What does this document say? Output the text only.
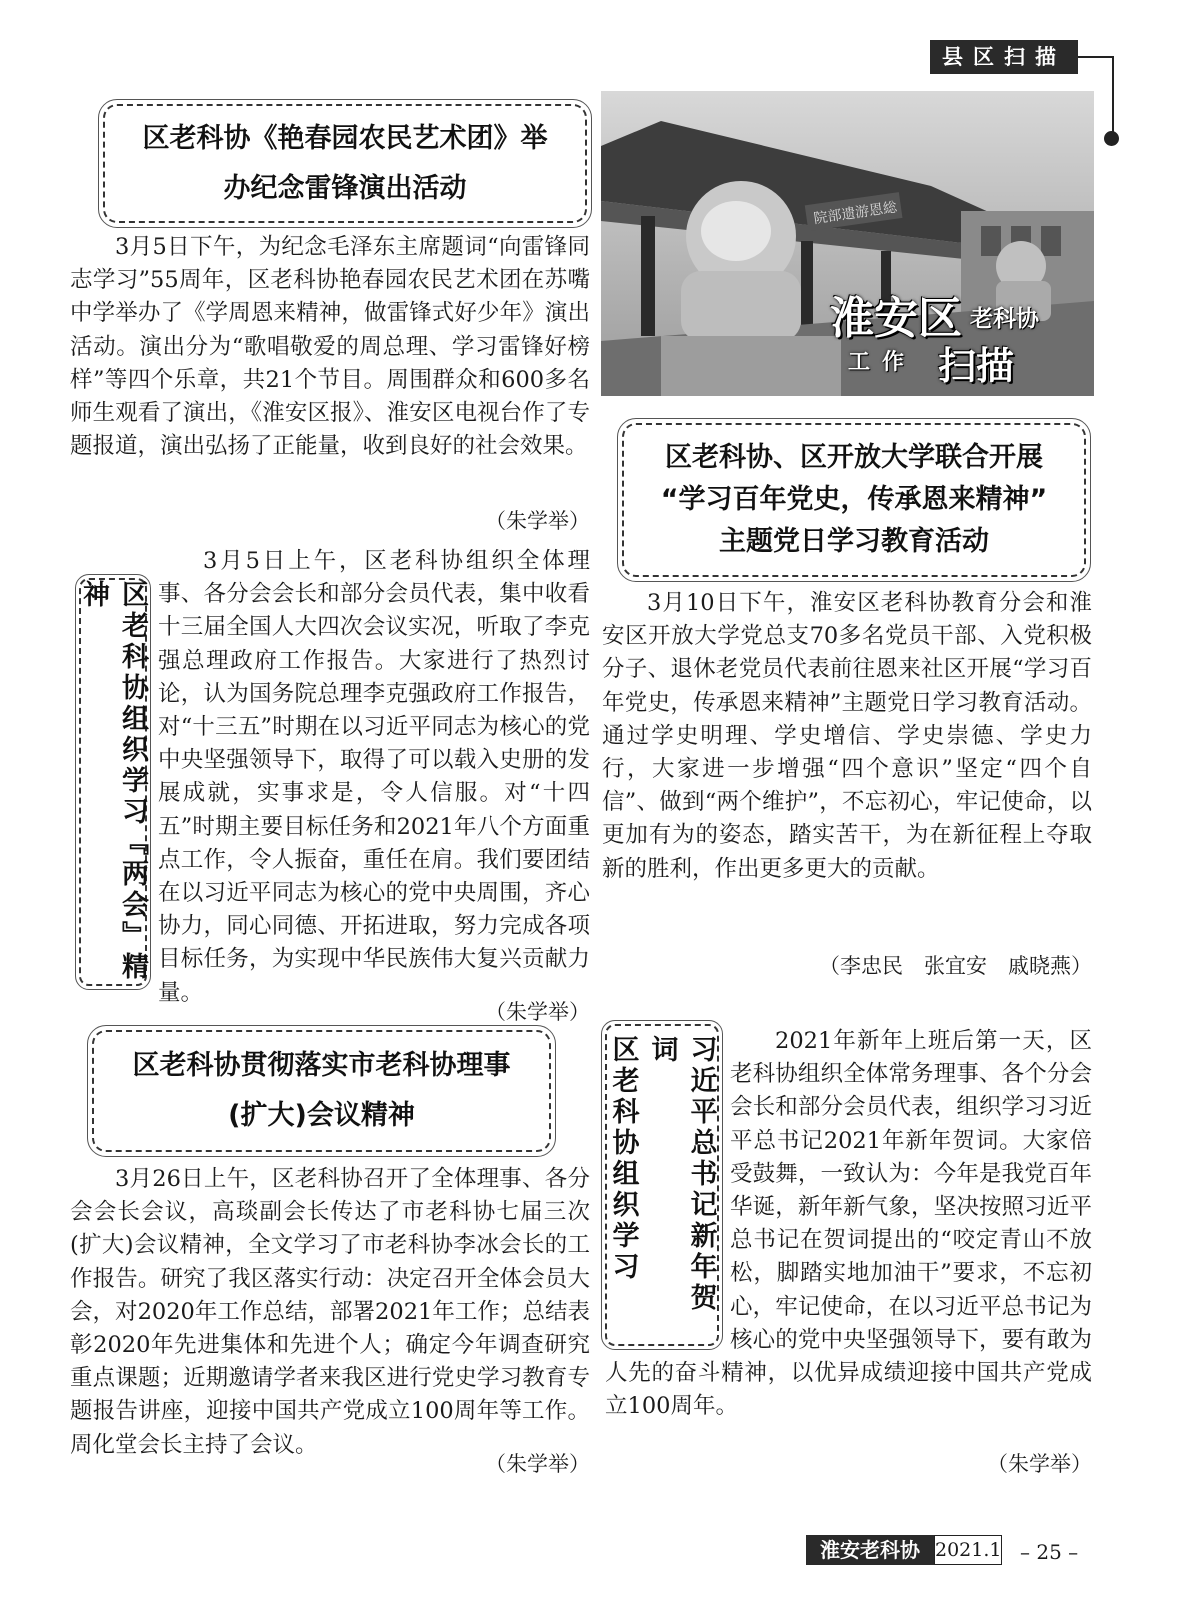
县区扫描
区老科协《艳春园农民艺术团》举
办纪念雷锋演出活动

3月5日下午，为纪念毛泽东主席题词“向雷锋同志学习”55周年，区老科协艳春园农民艺术团在苏嘴中学举办了《学周恩来精神，做雷锋式好少年》演出活动。演出分为“歌唱敬爱的周总理、学习雷锋好榜样”等四个乐章，共21个节目。周围群众和600多名师生观看了演出，《淮安区报》、淮安区电视台作了专题报道，演出弘扬了正能量，收到良好的社会效果。

（朱学举）
区老科协组织学习『两会』精神

3月5日上午，区老科协组织全体理事、各分会会长和部分会员代表，集中收看十三届全国人大四次会议实况，听取了李克强总理政府工作报告。大家进行了热烈讨论，认为国务院总理李克强政府工作报告，对“十三五”时期在以习近平同志为核心的党中央坚强领导下，取得了可以载入史册的发展成就，实事求是，令人信服。对“十四五”时期主要目标任务和2021年八个方面重点工作，令人振奋，重任在肩。我们要团结在以习近平同志为核心的党中央周围，齐心协力，同心同德、开拓进取，努力完成各项目标任务，为实现中华民族伟大复兴贡献力量。

（朱学举）
区老科协贯彻落实市老科协理事
(扩大)会议精神

3月26日上午，区老科协召开了全体理事、各分会会长会议，高琰副会长传达了市老科协七届三次(扩大)会议精神，全文学习了市老科协李冰会长的工作报告。研究了我区落实行动：决定召开全体会员大会，对2020年工作总结，部署2021年工作；总结表彰2020年先进集体和先进个人；确定今年调查研究重点课题；近期邀请学者来我区进行党史学习教育专题报告讲座，迎接中国共产党成立100周年等工作。周化堂会长主持了会议。

（朱学举）
院部遗游恩総
淮安区 老科协
工作 扫描
区老科协、区开放大学联合开展
“学习百年党史，传承恩来精神”
主题党日学习教育活动

3月10日下午，淮安区老科协教育分会和淮安区开放大学党总支70多名党员干部、入党积极分子、退休老党员代表前往恩来社区开展“学习百年党史，传承恩来精神”主题党日学习教育活动。通过学史明理、学史增信、学史崇德、学史力行，大家进一步增强“四个意识”坚定“四个自信”、做到“两个维护”，不忘初心，牢记使命，以更加有为的姿态，踏实苦干，为在新征程上夺取新的胜利，作出更多更大的贡献。

（李忠民　张宜安　戚晓燕）
习近平总书记新年贺词
区老科协组织学习	2021年新年上班后第一天，区老科协组织全体常务理事、各个分会会长和部分会员代表，组织学习习近平总书记2021年新年贺词。大家倍受鼓舞，一致认为：今年是我党百年华诞，新年新气象，坚决按照习近平总书记在贺词提出的“咬定青山不放松，脚踏实地加油干”要求，不忘初心，牢记使命，在以习近平总书记为核心的党中央坚强领导下，要有敢为人先的奋斗精神，以优异成绩迎接中国共产党成立100周年。

（朱学举）
淮安老科协 2021.1 – 25 –
